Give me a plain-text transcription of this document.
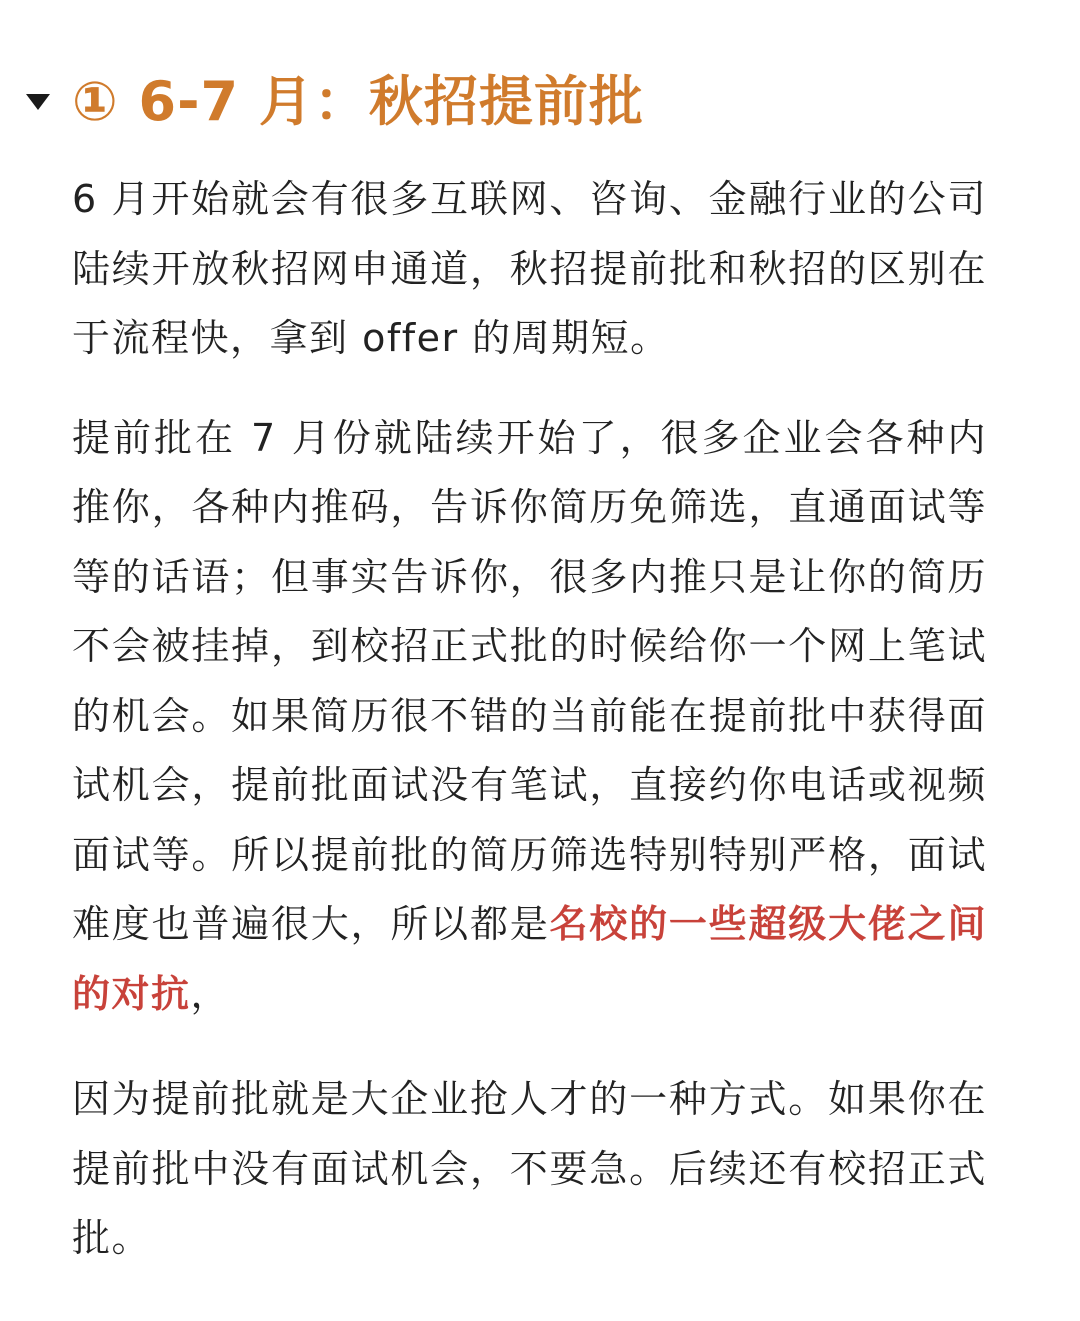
① 6-7 月：秋招提前批

6 月开始就会有很多互联网、咨询、金融行业的公司陆续开放秋招网申通道，秋招提前批和秋招的区别在于流程快，拿到 offer 的周期短。

提前批在 7 月份就陆续开始了，很多企业会各种内推你，各种内推码，告诉你简历免筛选，直通面试等等的话语；但事实告诉你，很多内推只是让你的简历不会被挂掉，到校招正式批的时候给你一个网上笔试的机会。如果简历很不错的当前能在提前批中获得面试机会，提前批面试没有笔试，直接约你电话或视频面试等。所以提前批的简历筛选特别特别严格，面试难度也普遍很大，所以都是名校的一些超级大佬之间的对抗，

因为提前批就是大企业抢人才的一种方式。如果你在提前批中没有面试机会，不要急。后续还有校招正式批。
